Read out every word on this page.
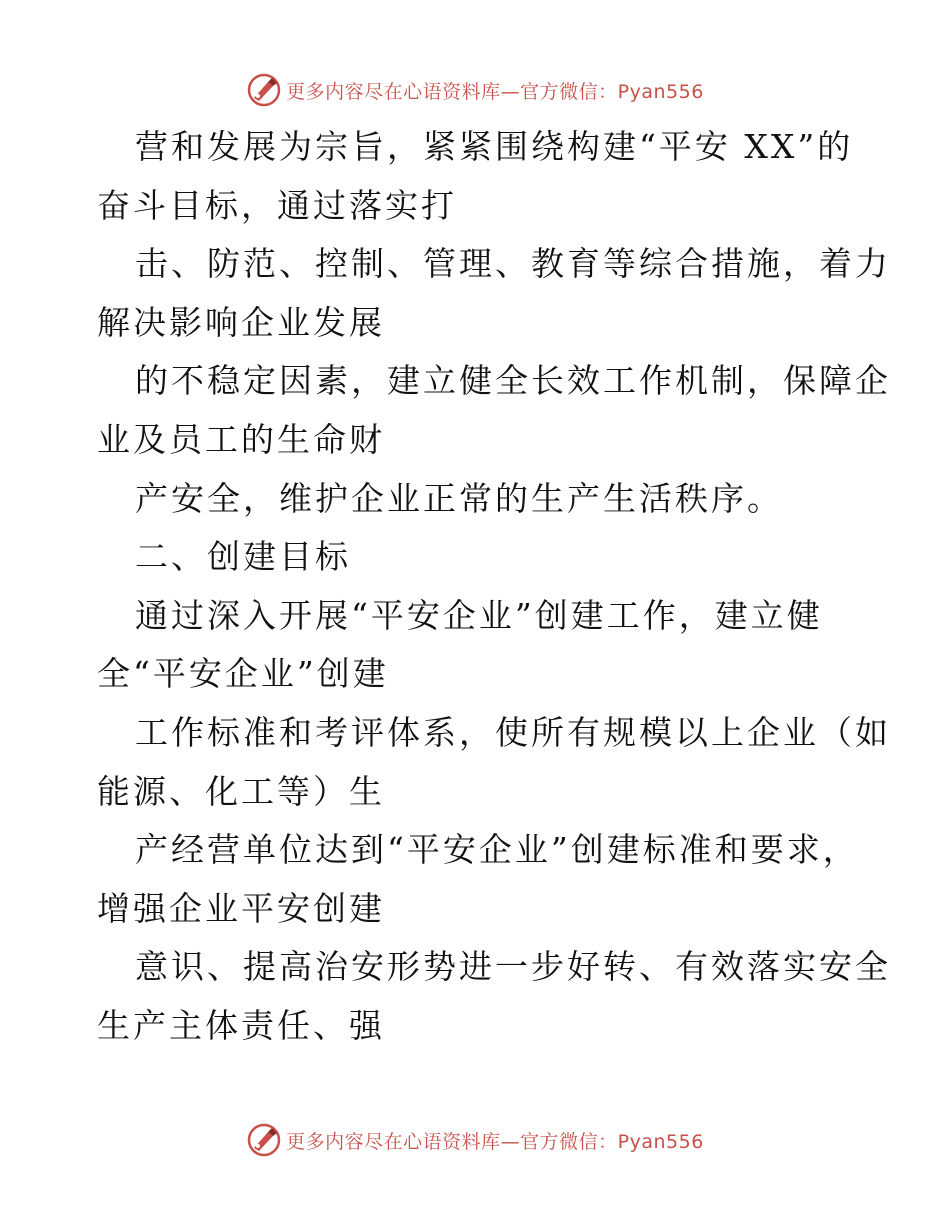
更多内容尽在心语资料库—官方微信：Pyan556
营和发展为宗旨，紧紧围绕构建“平安 XX”的
奋斗目标，通过落实打
击、防范、控制、管理、教育等综合措施，着力
解决影响企业发展
的不稳定因素，建立健全长效工作机制，保障企
业及员工的生命财
产安全，维护企业正常的生产生活秩序。
二、创建目标
通过深入开展“平安企业”创建工作，建立健
全“平安企业”创建
工作标准和考评体系，使所有规模以上企业（如
能源、化工等）生
产经营单位达到“平安企业”创建标准和要求，
增强企业平安创建
意识、提高治安形势进一步好转、有效落实安全
生产主体责任、强
更多内容尽在心语资料库—官方微信：Pyan556
